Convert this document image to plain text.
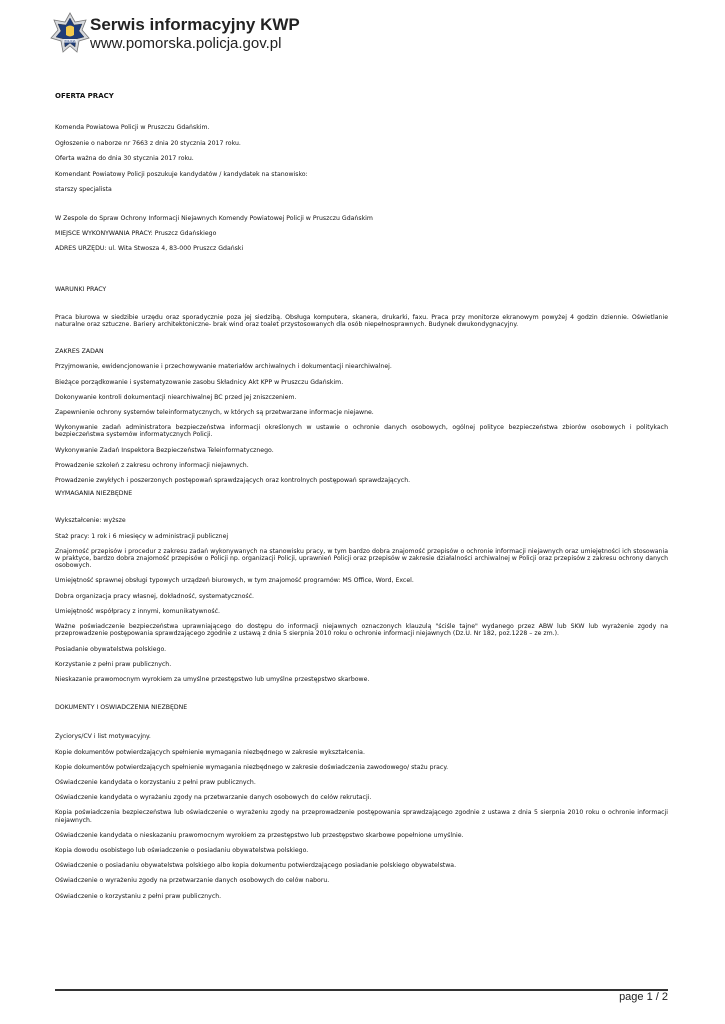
POLICJA
Serwis informacyjny KWP
www.pomorska.policja.gov.pl
OFERTA PRACY
Komenda Powiatowa Policji w Pruszczu Gdańskim.
Ogłoszenie o naborze nr 7663 z dnia 20 stycznia 2017 roku.
Oferta ważna do dnia 30 stycznia 2017 roku.
Komendant Powiatowy Policji poszukuje kandydatów / kandydatek na stanowisko:
starszy specjalista
W Zespole do Spraw Ochrony Informacji Niejawnych Komendy Powiatowej Policji w Pruszczu Gdańskim
MIEJSCE WYKONYWANIA PRACY: Pruszcz Gdańskiego
ADRES URZĘDU: ul. Wita Stwosza 4, 83-000 Pruszcz Gdański
WARUNKI PRACY
Praca biurowa w siedzibie urzędu oraz sporadycznie poza jej siedzibą. Obsługa komputera, skanera, drukarki, faxu. Praca przy monitorze ekranowym powyżej 4 godzin dziennie. Oświetlanie naturalne oraz sztuczne. Bariery architektoniczne- brak wind oraz toalet przystosowanych dla osób niepełnosprawnych. Budynek dwukondygnacyjny.
ZAKRES ZADAŃ
Przyjmowanie, ewidencjonowanie i przechowywanie materiałów archiwalnych i dokumentacji niearchiwalnej.
Bieżące porządkowanie i systematyzowanie zasobu Składnicy Akt KPP w Pruszczu Gdańskim.
Dokonywanie kontroli dokumentacji niearchiwalnej BC przed jej zniszczeniem.
Zapewnienie ochrony systemów teleinformatycznych, w których są przetwarzane informacje niejawne.
Wykonywanie zadań administratora bezpieczeństwa informacji określonych w ustawie o ochronie danych osobowych, ogólnej polityce bezpieczeństwa zbiorów osobowych i politykach bezpieczeństwa systemów informatycznych Policji.
Wykonywanie Zadań Inspektora Bezpieczeństwa Teleinformatycznego.
Prowadzenie szkoleń z zakresu ochrony informacji niejawnych.
Prowadzenie zwykłych i poszerzonych postępowań sprawdzających oraz kontrolnych postępowań sprawdzających.
WYMAGANIA NIEZBĘDNE
Wykształcenie: wyższe
Staż pracy: 1 rok i 6 miesięcy w administracji publicznej
Znajomość przepisów i procedur z zakresu zadań wykonywanych na stanowisku pracy, w tym bardzo dobra znajomość przepisów o ochronie informacji niejawnych oraz umiejętności ich stosowania w praktyce, bardzo dobra znajomość przepisów o Policji np. organizacji Policji, uprawnień Policji oraz przepisów w zakresie działalności archiwalnej w Policji oraz przepisów z zakresu ochrony danych osobowych.
Umiejętność sprawnej obsługi typowych urządzeń biurowych, w tym znajomość programów: MS Office, Word, Excel.
Dobra organizacja pracy własnej, dokładność, systematyczność.
Umiejętność współpracy z innymi, komunikatywność.
Ważne poświadczenie bezpieczeństwa uprawniającego do dostępu do informacji niejawnych oznaczonych klauzulą "ściśle tajne" wydanego przez ABW lub SKW lub wyrażenie zgody na przeprowadzenie postępowania sprawdzającego zgodnie z ustawą z dnia 5 sierpnia 2010 roku o ochronie informacji niejawnych (Dz.U. Nr 182, poz.1228 – ze zm.).
Posiadanie obywatelstwa polskiego.
Korzystanie z pełni praw publicznych.
Nieskazanie prawomocnym wyrokiem za umyślne przestępstwo lub umyślne przestępstwo skarbowe.
DOKUMENTY I OŚWIADCZENIA NIEZBĘDNE
Życiorys/CV i list motywacyjny.
Kopie dokumentów potwierdzających spełnienie wymagania niezbędnego w zakresie wykształcenia.
Kopie dokumentów potwierdzających spełnienie wymagania niezbędnego w zakresie doświadczenia zawodowego/ stażu pracy.
Oświadczenie kandydata o korzystaniu z pełni praw publicznych.
Oświadczenie kandydata o wyrażaniu zgody na przetwarzanie danych osobowych do celów rekrutacji.
Kopia poświadczenia bezpieczeństwa lub oświadczenie o wyrażeniu zgody na przeprowadzenie postępowania sprawdzającego zgodnie z ustawa z dnia 5 sierpnia 2010 roku o ochronie informacji niejawnych.
Oświadczenie kandydata o nieskazaniu prawomocnym wyrokiem za przestępstwo lub przestępstwo skarbowe popełnione umyślnie.
Kopia dowodu osobistego lub oświadczenie o posiadaniu obywatelstwa polskiego.
Oświadczenie o posiadaniu obywatelstwa polskiego albo kopia dokumentu potwierdzającego posiadanie polskiego obywatelstwa.
Oświadczenie o wyrażeniu zgody na przetwarzanie danych osobowych do celów naboru.
Oświadczenie o korzystaniu z pełni praw publicznych.
page 1 / 2
